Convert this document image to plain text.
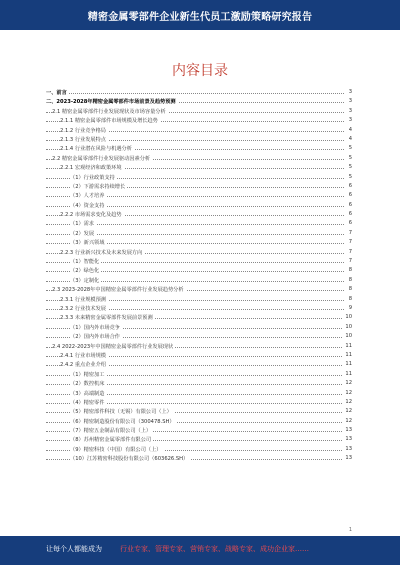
精密金属零部件企业新生代员工激励策略研究报告
内容目录
一、前言	3
二、2023-2028年精密金属零部件市场前景及趋势预测	3
2.1 精密金属零部件行业发展现状及市场容量分析	3
2.1.1 精密金属零部件市场规模及增长趋势	3
2.1.2 行业竞争格局	4
2.1.3 行业发展特点	4
2.1.4 行业潜在风险与机遇分析	5
2.2 精密金属零部件行业发展驱动因素分析	5
2.2.1 宏观经济和政策环境	5
（1）行业政策支持	5
（2）下游需求持续增长	6
（3）人才培养	6
（4）资金支持	6
2.2.2 市场需求变化及趋势	6
（1）需求	6
（2）发展	7
（3）新兴领域	7
2.2.3 行业新兴技术及未来发展方向	7
（1）智能化	7
（2）绿色化	8
（3）定制化	8
2.3 2023-2028年中国精密金属零部件行业发展趋势分析	8
2.3.1 行业规模预测	8
2.3.2 行业技术发展	9
2.3.3 未来精密金属零部件发展前景预测	10
（1）国内外市场竞争	10
（2）国内外市场合作	10
2.4 2022-2023年中国精密金属零部件行业发展现状	11
2.4.1 行业市场规模	11
2.4.2 重点企业介绍	11
（1）精密加工	11
（2）数控机床	12
（3）高端制造	12
（4）精密零件	12
（5）精密部件科技（无锡）有限公司（上）	12
（6）精密制造股份有限公司（300478.SH）	12
（7）精密五金制品有限公司（上）	13
（8）苏州精密金属零部件有限公司	13
（9）精密科技（中国）有限公司（上）	13
（10）江苏精密科技股份有限公司（603626.SH）	13
1
让每个人都能成为	行业专家、管理专家、营销专家、战略专家、成功企业家……
